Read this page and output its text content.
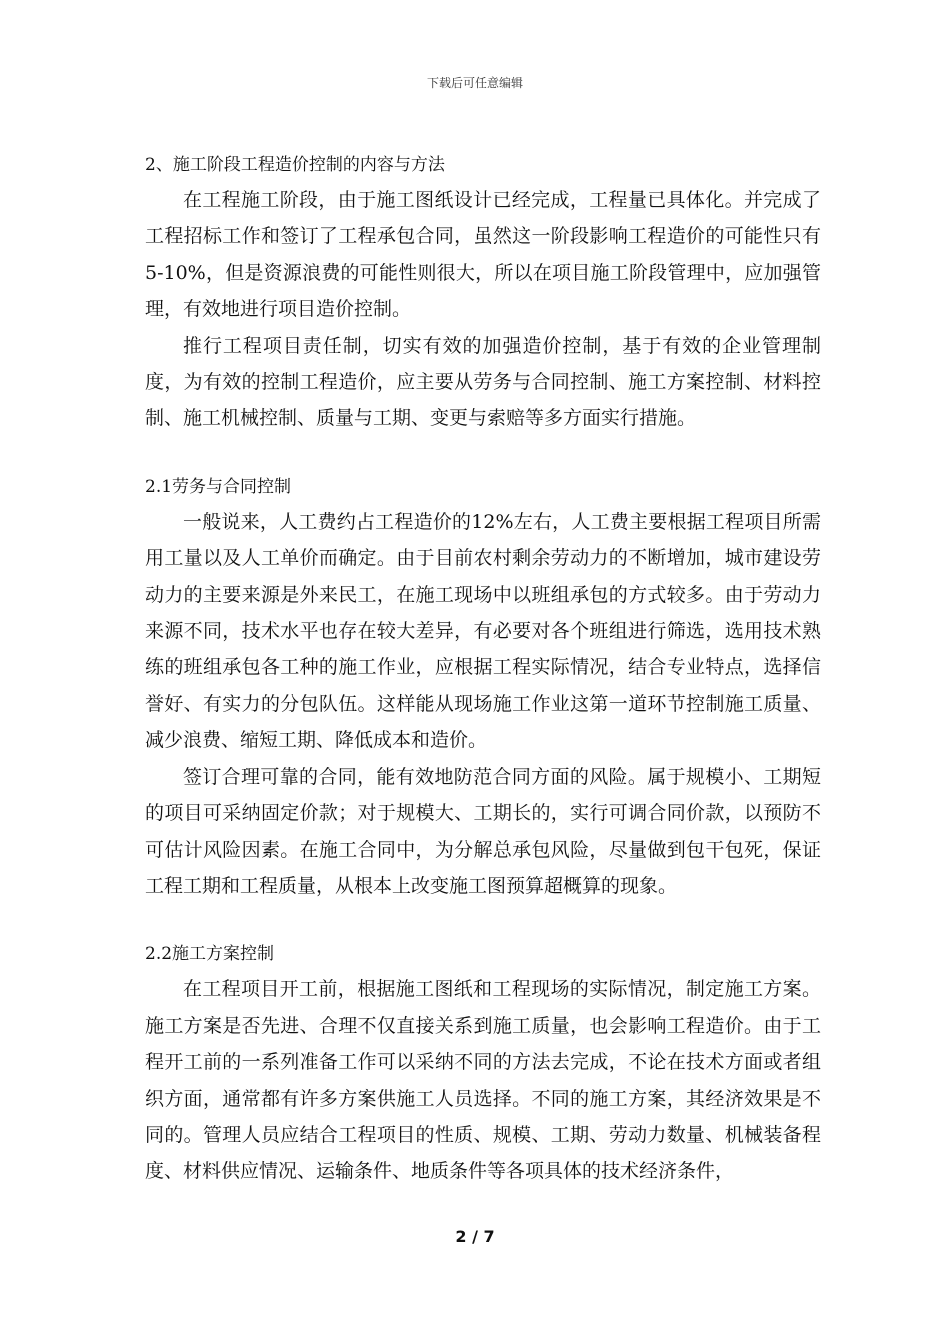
下载后可任意编辑
2、施工阶段工程造价控制的内容与方法

在工程施工阶段，由于施工图纸设计已经完成，工程量已具体化。并完成了工程招标工作和签订了工程承包合同，虽然这一阶段影响工程造价的可能性只有 5-10%，但是资源浪费的可能性则很大，所以在项目施工阶段管理中，应加强管理，有效地进行项目造价控制。

推行工程项目责任制，切实有效的加强造价控制，基于有效的企业管理制度，为有效的控制工程造价，应主要从劳务与合同控制、施工方案控制、材料控制、施工机械控制、质量与工期、变更与索赔等多方面实行措施。

2.1劳务与合同控制

一般说来，人工费约占工程造价的12%左右，人工费主要根据工程项目所需用工量以及人工单价而确定。由于目前农村剩余劳动力的不断增加，城市建设劳动力的主要来源是外来民工，在施工现场中以班组承包的方式较多。由于劳动力来源不同，技术水平也存在较大差异，有必要对各个班组进行筛选，选用技术熟练的班组承包各工种的施工作业，应根据工程实际情况，结合专业特点，选择信誉好、有实力的分包队伍。这样能从现场施工作业这第一道环节控制施工质量、减少浪费、缩短工期、降低成本和造价。

签订合理可靠的合同，能有效地防范合同方面的风险。属于规模小、工期短的项目可采纳固定价款；对于规模大、工期长的，实行可调合同价款，以预防不可估计风险因素。在施工合同中，为分解总承包风险，尽量做到包干包死，保证工程工期和工程质量，从根本上改变施工图预算超概算的现象。

2.2施工方案控制

在工程项目开工前，根据施工图纸和工程现场的实际情况，制定施工方案。施工方案是否先进、合理不仅直接关系到施工质量，也会影响工程造价。由于工程开工前的一系列准备工作可以采纳不同的方法去完成，不论在技术方面或者组织方面，通常都有许多方案供施工人员选择。不同的施工方案，其经济效果是不同的。管理人员应结合工程项目的性质、规模、工期、劳动力数量、机械装备程度、材料供应情况、运输条件、地质条件等各项具体的技术经济条件，

2 / 7
